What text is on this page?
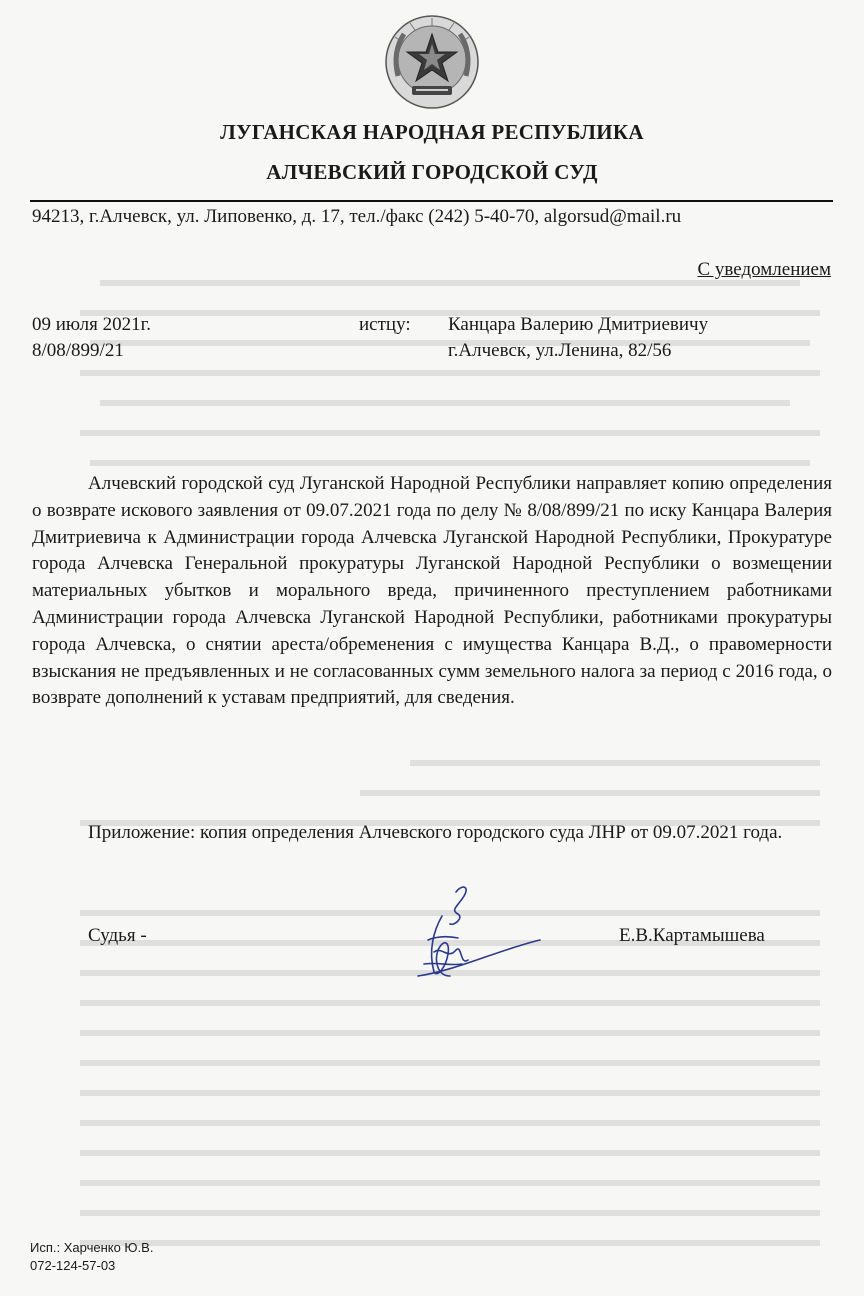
ЛУГАНСКАЯ НАРОДНАЯ РЕСПУБЛИКА
АЛЧЕВСКИЙ ГОРОДСКОЙ СУД
94213, г.Алчевск, ул. Липовенко, д. 17, тел./факс (242) 5-40-70, algorsud@mail.ru
С уведомлением
09 июля 2021г.
8/08/899/21
истцу: Канцара Валерию Дмитриевичу
г.Алчевск, ул.Ленина, 82/56
Алчевский городской суд Луганской Народной Республики направляет копию определения о возврате искового заявления от 09.07.2021 года по делу № 8/08/899/21 по иску Канцара Валерия Дмитриевича к Администрации города Алчевска Луганской Народной Республики, Прокуратуре города Алчевска Генеральной прокуратуры Луганской Народной Республики о возмещении материальных убытков и морального вреда, причиненного преступлением работниками Администрации города Алчевска Луганской Народной Республики, работниками прокуратуры города Алчевска, о снятии ареста/обременения с имущества Канцара В.Д., о правомерности взыскания не предъявленных и не согласованных сумм земельного налога за период с 2016 года, о возврате дополнений к уставам предприятий, для сведения.
Приложение: копия определения Алчевского городского суда ЛНР от 09.07.2021 года.
Судья -	Е.В.Картамышева
Исп.: Харченко Ю.В.
072-124-57-03
